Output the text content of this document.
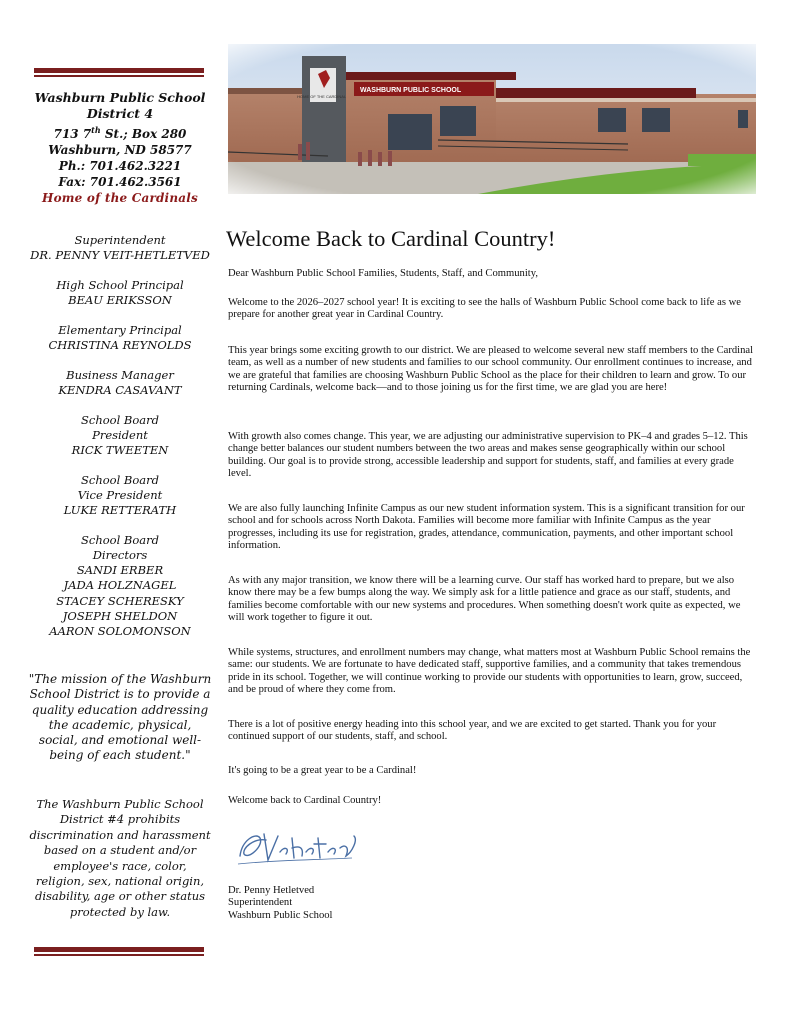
Washburn Public School
District 4
713 7th St.; Box 280
Washburn, ND 58577
Ph.: 701.462.3221
Fax: 701.462.3561
Home of the Cardinals
Superintendent
DR. PENNY VEIT-HETLETVED
High School Principal
BEAU ERIKSSON
Elementary Principal
CHRISTINA REYNOLDS
Business Manager
KENDRA CASAVANT
School Board
President
RICK TWEETEN
School Board
Vice President
LUKE RETTERATH
School Board
Directors
SANDI ERBER
JADA HOLZNAGEL
STACEY SCHERESKY
JOSEPH SHELDON
AARON SOLOMONSON
"The mission of the Washburn School District is to provide a quality education addressing the academic, physical, social, and emotional well-being of each student."
The Washburn Public School District #4 prohibits discrimination and harassment based on a student and/or employee's race, color, religion, sex, national origin, disability, age or other status protected by law.
Welcome Back to Cardinal Country!

Dear Washburn Public School Families, Students, Staff, and Community,

Welcome to the 2026–2027 school year! It is exciting to see the halls of Washburn Public School come back to life as we prepare for another great year in Cardinal Country.

This year brings some exciting growth to our district. We are pleased to welcome several new staff members to the Cardinal team, as well as a number of new students and families to our school community. Our enrollment continues to increase, and we are grateful that families are choosing Washburn Public School as the place for their children to learn and grow. To our returning Cardinals, welcome back—and to those joining us for the first time, we are glad you are here!

With growth also comes change. This year, we are adjusting our administrative supervision to PK–4 and grades 5–12. This change better balances our student numbers between the two areas and makes sense geographically within our school building. Our goal is to provide strong, accessible leadership and support for students, staff, and families at every grade level.

We are also fully launching Infinite Campus as our new student information system. This is a significant transition for our school and for schools across North Dakota. Families will become more familiar with Infinite Campus as the year progresses, including its use for registration, grades, attendance, communication, payments, and other important school information.

As with any major transition, we know there will be a learning curve. Our staff has worked hard to prepare, but we also know there may be a few bumps along the way. We simply ask for a little patience and grace as our staff, students, and families become comfortable with our new systems and procedures. When something doesn't work quite as expected, we will work together to figure it out.

While systems, structures, and enrollment numbers may change, what matters most at Washburn Public School remains the same: our students. We are fortunate to have dedicated staff, supportive families, and a community that takes tremendous pride in its school. Together, we will continue working to provide our students with opportunities to learn, grow, succeed, and be proud of where they come from.

There is a lot of positive energy heading into this school year, and we are excited to get started. Thank you for your continued support of our students, staff, and school.

It's going to be a great year to be a Cardinal!

Welcome back to Cardinal Country!

Dr. Penny Hetletved
Superintendent
Washburn Public School
